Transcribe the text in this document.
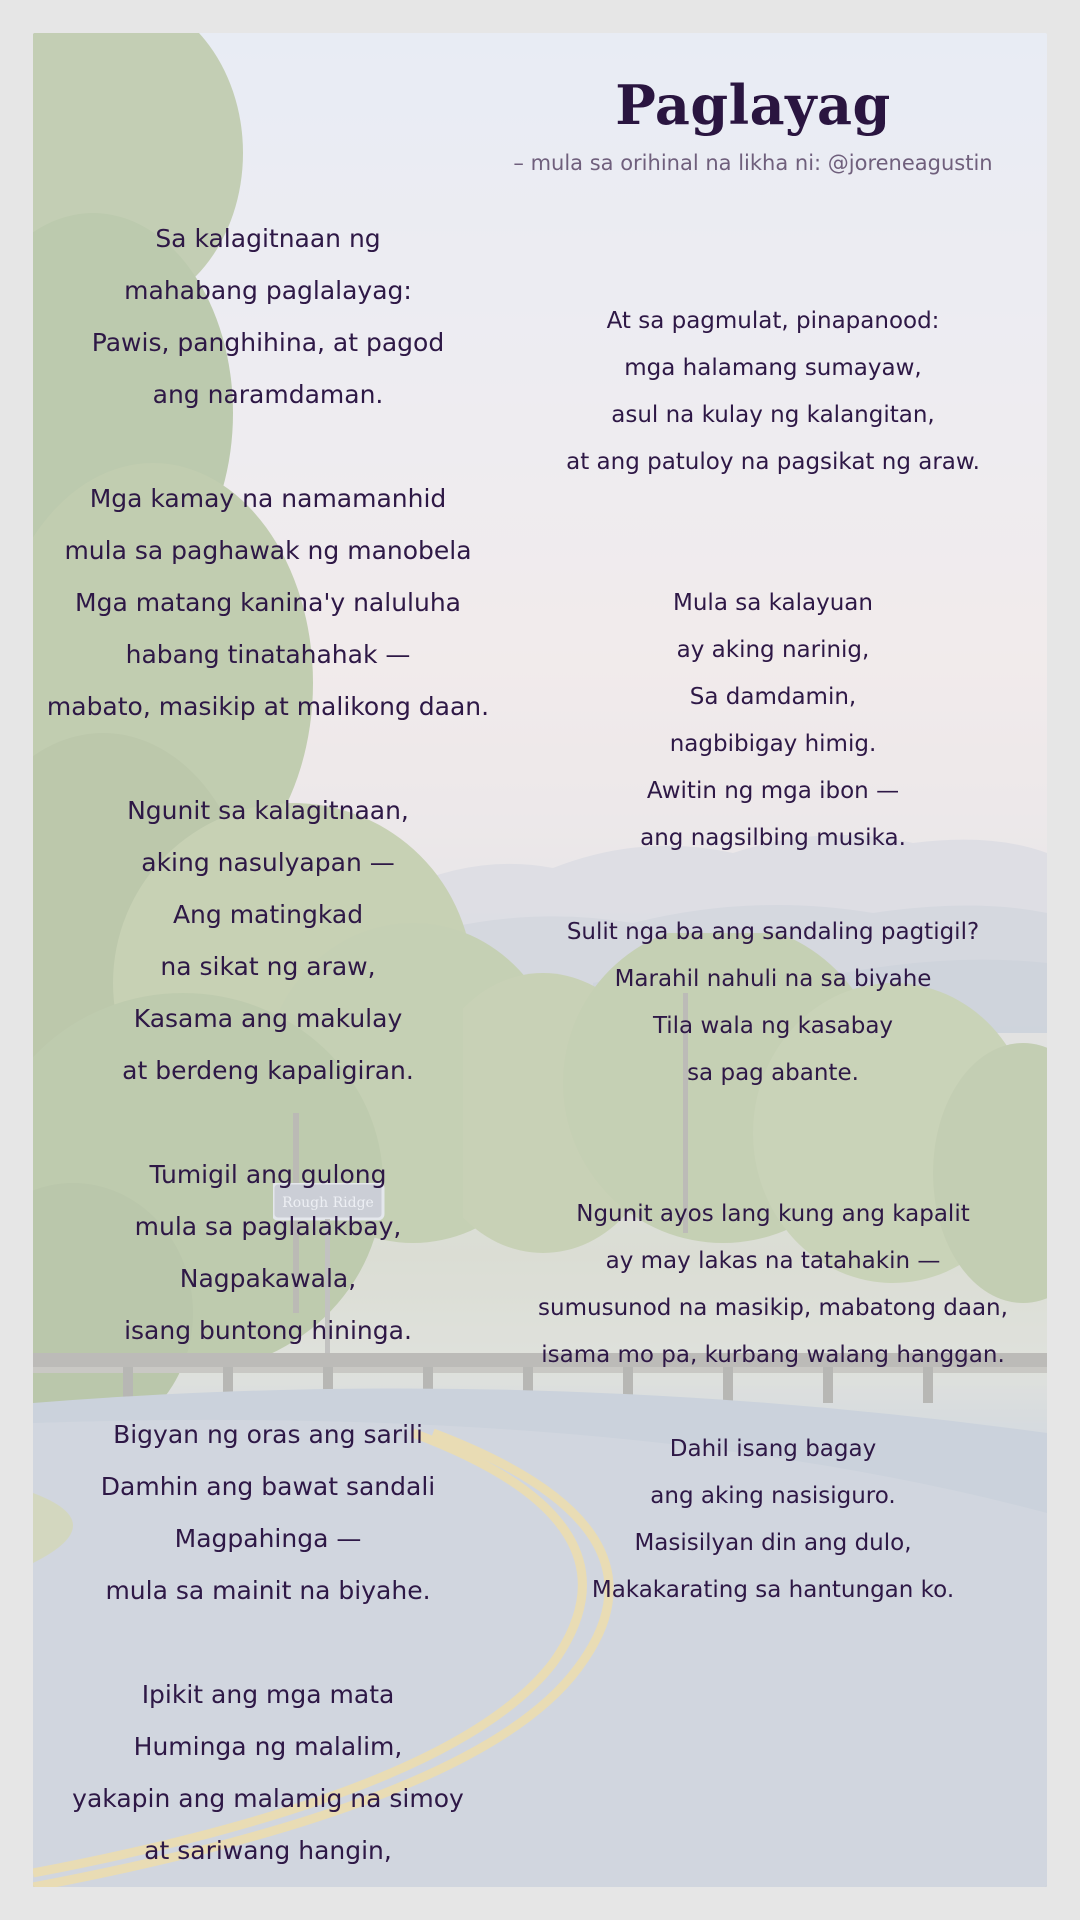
Rough Ridge
Paglayag

– mula sa orihinal na likha ni: @joreneagustin

Sa kalagitnaan ng
mahabang paglalayag:
Pawis, panghihina, at pagod
ang naramdaman.

Mga kamay na namamanhid
mula sa paghawak ng manobela
Mga matang kanina'y naluluha
habang tinatahahak —
mabato, masikip at malikong daan.

Ngunit sa kalagitnaan,
aking nasulyapan —
Ang matingkad
na sikat ng araw,
Kasama ang makulay
at berdeng kapaligiran.

Tumigil ang gulong
mula sa paglalakbay,
Nagpakawala,
isang buntong hininga.

Bigyan ng oras ang sarili
Damhin ang bawat sandali
Magpahinga —
mula sa mainit na biyahe.

Ipikit ang mga mata
Huminga ng malalim,
yakapin ang malamig na simoy
at sariwang hangin,

At sa pagmulat, pinapanood:
mga halamang sumayaw,
asul na kulay ng kalangitan,
at ang patuloy na pagsikat ng araw.

Mula sa kalayuan
ay aking narinig,
Sa damdamin,
nagbibigay himig.
Awitin ng mga ibon —
ang nagsilbing musika.

Sulit nga ba ang sandaling pagtigil?
Marahil nahuli na sa biyahe
Tila wala ng kasabay
sa pag abante.

Ngunit ayos lang kung ang kapalit
ay may lakas na tatahakin —
sumusunod na masikip, mabatong daan,
isama mo pa, kurbang walang hanggan.

Dahil isang bagay
ang aking nasisiguro.
Masisilyan din ang dulo,
Makakarating sa hantungan ko.
